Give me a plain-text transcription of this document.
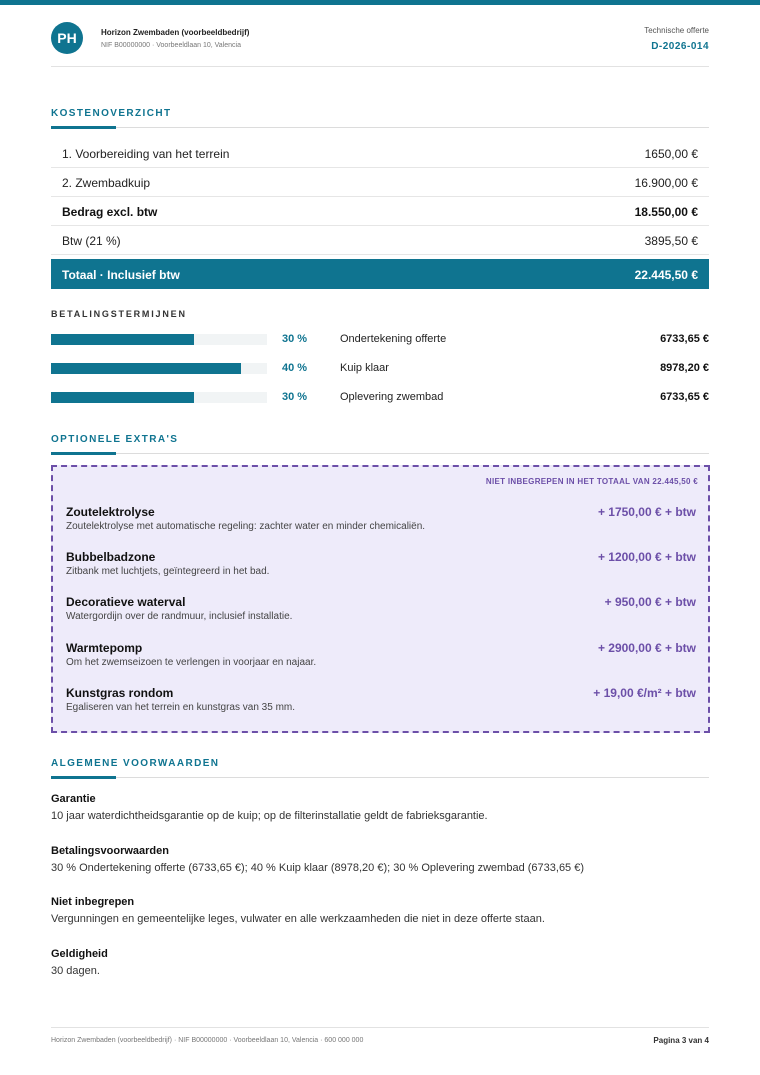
PH	Horizon Zwembaden (voorbeeldbedrijf)
NIF B00000000 · Voorbeeldlaan 10, Valencia
Technische offerte
D-2026-014
KOSTENOVERZICHT
1. Voorbereiding van het terrein	1650,00 €
2. Zwembadkuip	16.900,00 €
Bedrag excl. btw	18.550,00 €
Btw (21 %)	3895,50 €
Totaal · Inclusief btw	22.445,50 €
BETALINGSTERMIJNEN
30 %	Ondertekening offerte	6733,65 €
40 %	Kuip klaar	8978,20 €
30 %	Oplevering zwembad	6733,65 €
OPTIONELE EXTRA'S
NIET INBEGREPEN IN HET TOTAAL VAN 22.445,50 €
Zoutelektrolyse
Zoutelektrolyse met automatische regeling: zachter water en minder chemicaliën.
+ 1750,00 € + btw
Bubbelbadzone
Zitbank met luchtjets, geïntegreerd in het bad.
+ 1200,00 € + btw
Decoratieve waterval
Watergordijn over de randmuur, inclusief installatie.
+ 950,00 € + btw
Warmtepomp
Om het zwemseizoen te verlengen in voorjaar en najaar.
+ 2900,00 € + btw
Kunstgras rondom
Egaliseren van het terrein en kunstgras van 35 mm.
+ 19,00 €/m² + btw
ALGEMENE VOORWAARDEN
Garantie
10 jaar waterdichtheidsgarantie op de kuip; op de filterinstallatie geldt de fabrieksgarantie.
Betalingsvoorwaarden
30 % Ondertekening offerte (6733,65 €); 40 % Kuip klaar (8978,20 €); 30 % Oplevering zwembad (6733,65 €)
Niet inbegrepen
Vergunningen en gemeentelijke leges, vulwater en alle werkzaamheden die niet in deze offerte staan.
Geldigheid
30 dagen.
Horizon Zwembaden (voorbeeldbedrijf) · NIF B00000000 · Voorbeeldlaan 10, Valencia · 600 000 000	Pagina 3 van 4
